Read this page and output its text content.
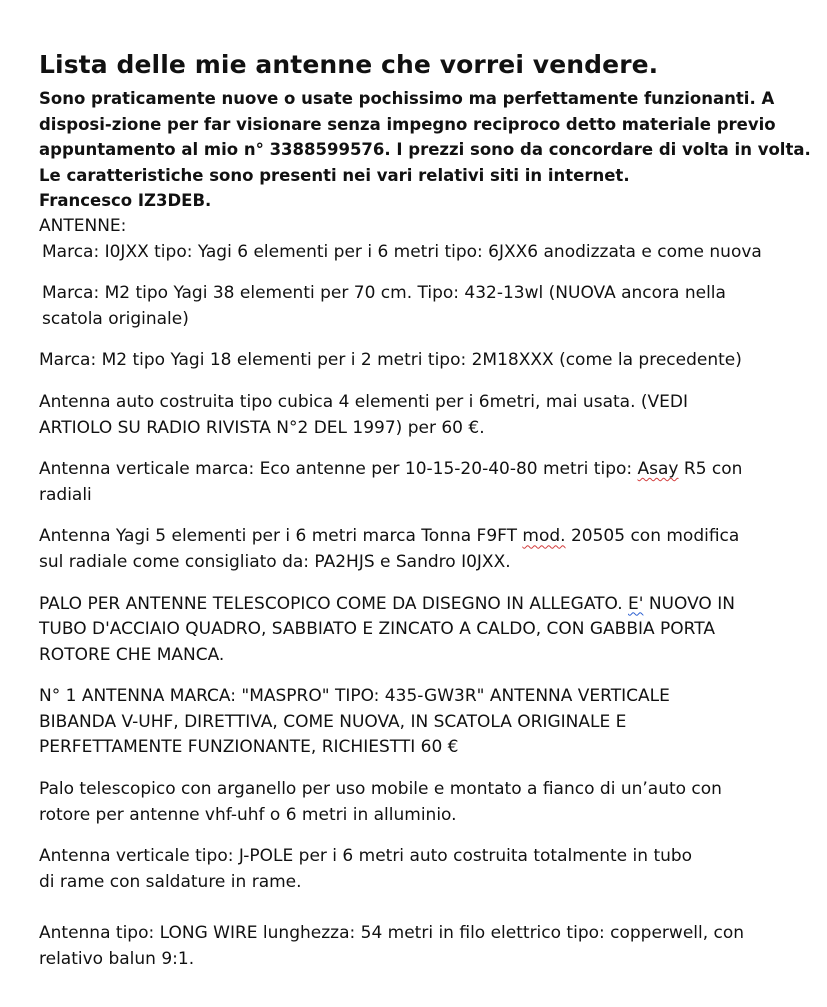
Lista delle mie antenne che vorrei vendere.
Sono praticamente nuove o usate pochissimo ma perfettamente funzionanti. A
disposi-zione per far visionare senza impegno reciproco detto materiale previo
appuntamento al mio n° 3388599576. I prezzi sono da concordare di volta in volta.
Le caratteristiche sono presenti nei vari relativi siti in internet.
Francesco IZ3DEB.
ANTENNE:
Marca: I0JXX tipo: Yagi 6 elementi per i 6 metri tipo: 6JXX6 anodizzata e come nuova
Marca: M2 tipo Yagi 38 elementi per 70 cm. Tipo: 432-13wl (NUOVA ancora nella
scatola originale)
Marca: M2 tipo Yagi 18 elementi per i 2 metri tipo: 2M18XXX (come la precedente)
Antenna auto costruita tipo cubica 4 elementi per i 6metri, mai usata. (VEDI
ARTIOLO SU RADIO RIVISTA N°2 DEL 1997) per 60 €.
Antenna verticale marca: Eco antenne per 10-15-20-40-80 metri tipo: Asay R5 con
radiali
Antenna Yagi 5 elementi per i 6 metri marca Tonna F9FT mod. 20505 con modifica
sul radiale come consigliato da: PA2HJS e Sandro I0JXX.
PALO PER ANTENNE TELESCOPICO COME DA DISEGNO IN ALLEGATO. E' NUOVO IN
TUBO D'ACCIAIO QUADRO, SABBIATO E ZINCATO A CALDO, CON GABBIA PORTA
ROTORE CHE MANCA.
N° 1 ANTENNA MARCA: "MASPRO" TIPO: 435-GW3R" ANTENNA VERTICALE
BIBANDA V-UHF, DIRETTIVA, COME NUOVA, IN SCATOLA ORIGINALE E
PERFETTAMENTE FUNZIONANTE, RICHIESTTI 60 €
Palo telescopico con arganello per uso mobile e montato a fianco di un’auto con
rotore per antenne vhf-uhf o 6 metri in alluminio.
Antenna verticale tipo: J-POLE per i 6 metri auto costruita totalmente in tubo
di rame con saldature in rame.
Antenna tipo: LONG WIRE lunghezza: 54 metri in filo elettrico tipo: copperwell, con
relativo balun 9:1.
